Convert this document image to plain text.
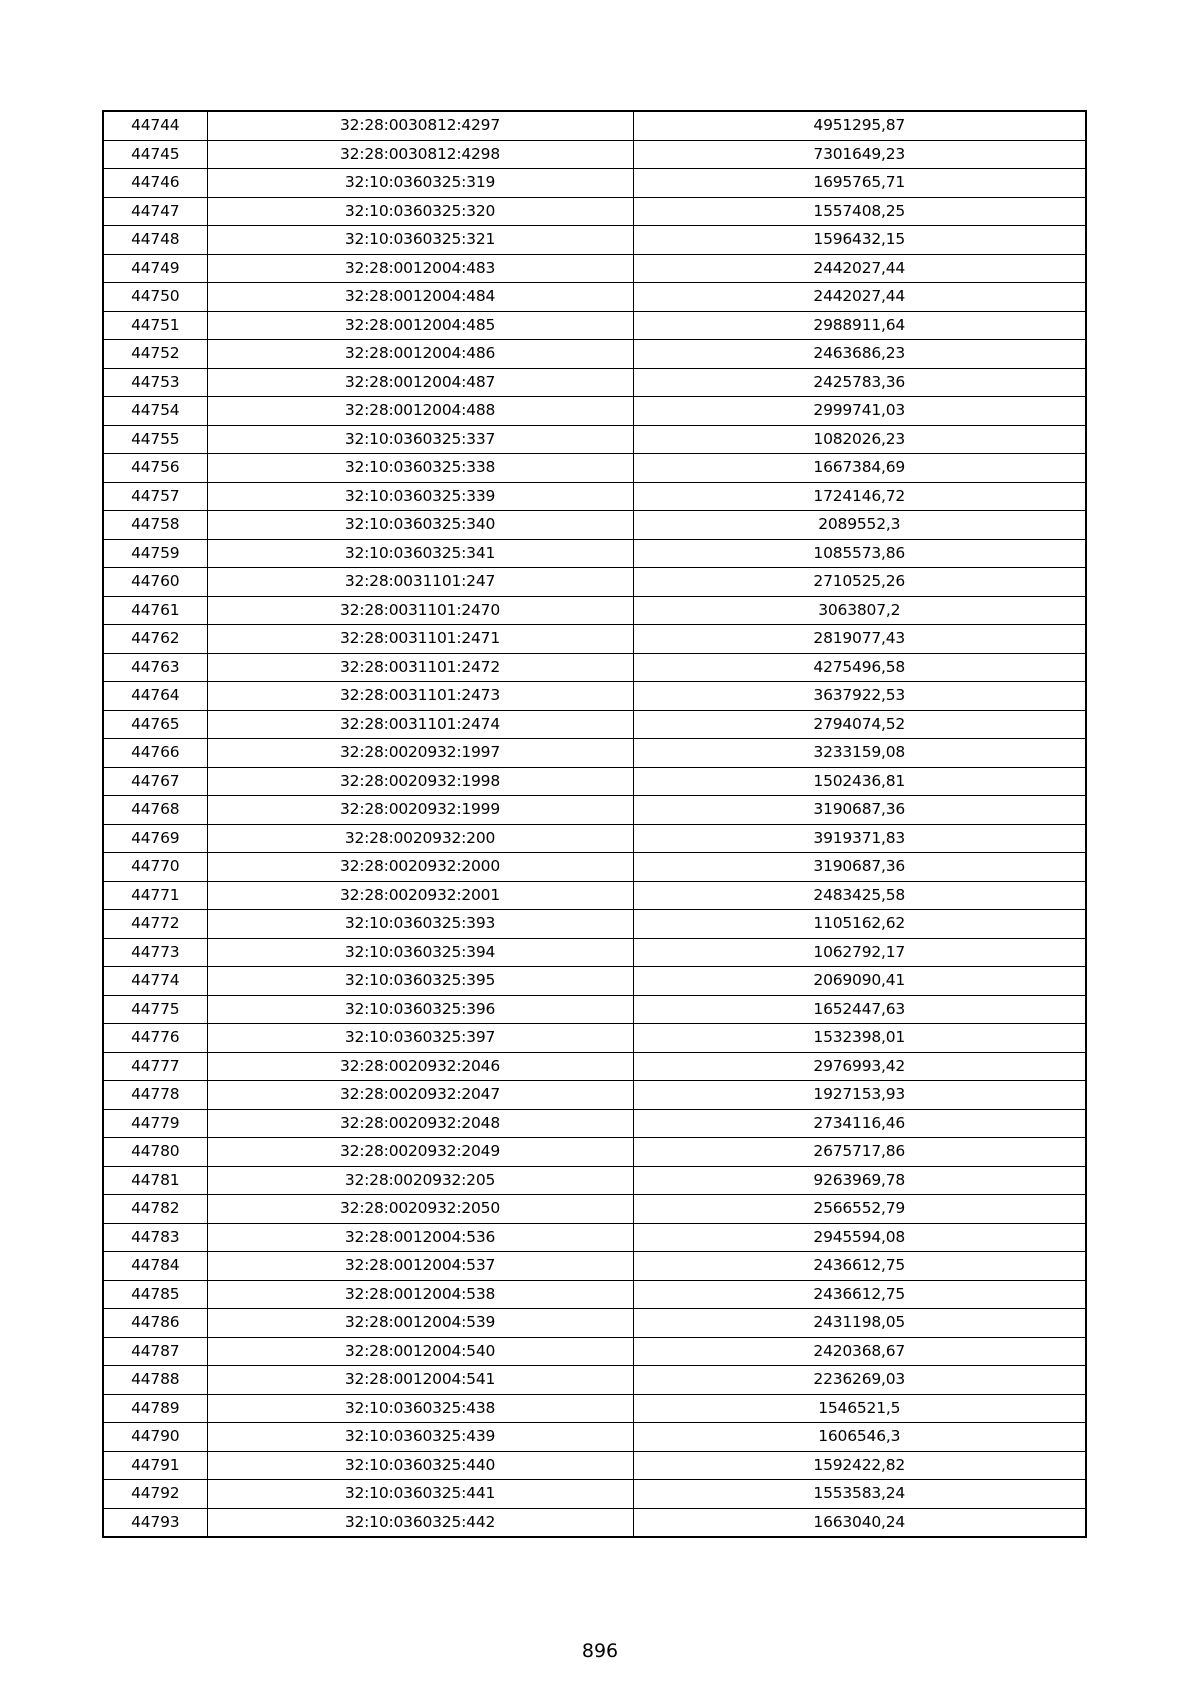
44744	32:28:0030812:4297	4951295,87
44745	32:28:0030812:4298	7301649,23
44746	32:10:0360325:319	1695765,71
44747	32:10:0360325:320	1557408,25
44748	32:10:0360325:321	1596432,15
44749	32:28:0012004:483	2442027,44
44750	32:28:0012004:484	2442027,44
44751	32:28:0012004:485	2988911,64
44752	32:28:0012004:486	2463686,23
44753	32:28:0012004:487	2425783,36
44754	32:28:0012004:488	2999741,03
44755	32:10:0360325:337	1082026,23
44756	32:10:0360325:338	1667384,69
44757	32:10:0360325:339	1724146,72
44758	32:10:0360325:340	2089552,3
44759	32:10:0360325:341	1085573,86
44760	32:28:0031101:247	2710525,26
44761	32:28:0031101:2470	3063807,2
44762	32:28:0031101:2471	2819077,43
44763	32:28:0031101:2472	4275496,58
44764	32:28:0031101:2473	3637922,53
44765	32:28:0031101:2474	2794074,52
44766	32:28:0020932:1997	3233159,08
44767	32:28:0020932:1998	1502436,81
44768	32:28:0020932:1999	3190687,36
44769	32:28:0020932:200	3919371,83
44770	32:28:0020932:2000	3190687,36
44771	32:28:0020932:2001	2483425,58
44772	32:10:0360325:393	1105162,62
44773	32:10:0360325:394	1062792,17
44774	32:10:0360325:395	2069090,41
44775	32:10:0360325:396	1652447,63
44776	32:10:0360325:397	1532398,01
44777	32:28:0020932:2046	2976993,42
44778	32:28:0020932:2047	1927153,93
44779	32:28:0020932:2048	2734116,46
44780	32:28:0020932:2049	2675717,86
44781	32:28:0020932:205	9263969,78
44782	32:28:0020932:2050	2566552,79
44783	32:28:0012004:536	2945594,08
44784	32:28:0012004:537	2436612,75
44785	32:28:0012004:538	2436612,75
44786	32:28:0012004:539	2431198,05
44787	32:28:0012004:540	2420368,67
44788	32:28:0012004:541	2236269,03
44789	32:10:0360325:438	1546521,5
44790	32:10:0360325:439	1606546,3
44791	32:10:0360325:440	1592422,82
44792	32:10:0360325:441	1553583,24
44793	32:10:0360325:442	1663040,24
896
